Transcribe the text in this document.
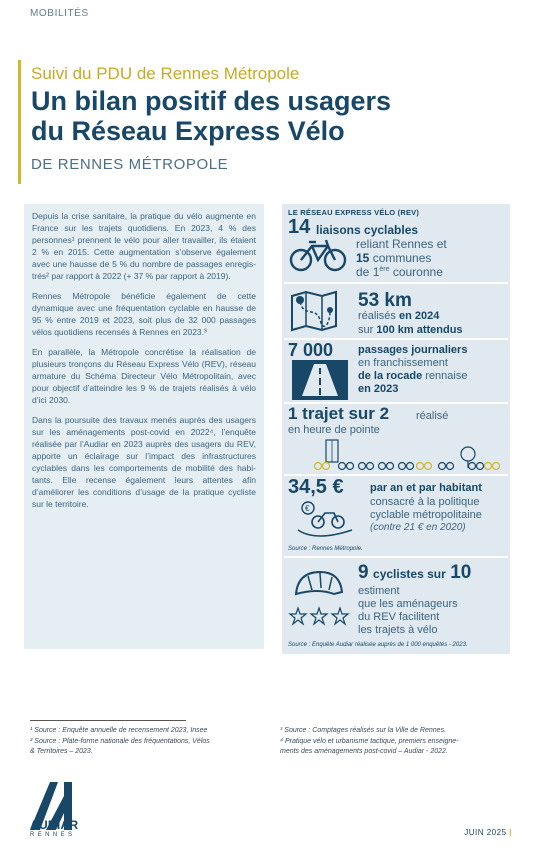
MOBILITÉS
Suivi du PDU de Rennes Métropole
Un bilan positif des usagers
du Réseau Express Vélo
DE RENNES MÉTROPOLE

Depuis la crise sanitaire, la pratique du vélo augmente en France sur les trajets quotidiens. En 2023, 4 % des personnes¹ prennent le vélo pour aller travailler, ils étaient 2 % en 2015. Cette augmentation s’observe également avec une hausse de 5 % du nombre de passages enregistrés² par rapport à 2022 (+ 37 % par rapport à 2019).

Rennes Métropole bénéficie également de cette dynamique avec une fréquentation cyclable en hausse de 95 % entre 2019 et 2023, soit plus de 32 000 passages vélos quotidiens recensés à Rennes en 2023.³

En parallèle, la Métropole concrétise la réalisation de plusieurs tronçons du Réseau Express Vélo (REV), réseau armature du Schéma Directeur Vélo Métropolitain, avec pour objectif d’atteindre les 9 % de trajets réalisés à vélo d’ici 2030.

Dans la poursuite des travaux menés auprès des usagers sur les aménagements post-covid en 2022⁴, l’enquête réalisée par l’Audiar en 2023 auprès des usagers du REV, apporte un éclairage sur l’impact des infrastructures cyclables dans les comportements de mobilité des habitants. Elle recense également leurs attentes afin d’améliorer les conditions d’usage de la pratique cycliste sur le territoire.

LE RÉSEAU EXPRESS VÉLO (REV)
14 liaisons cyclables
reliant Rennes et
15 communes
de 1ère couronne
53 km
réalisés en 2024
sur 100 km attendus
7 000 passages journaliers
en franchissement
de la rocade rennaise
en 2023
1 trajet sur 2 réalisé
en heure de pointe
34,5 € par an et par habitant
consacré à la politique
cyclable métropolitaine
(contre 21 € en 2020)
€
Source : Rennes Métropole.
9 cyclistes sur 10
estiment
que les aménageurs
du REV facilitent
les trajets à vélo
Source : Enquête Audiar réalisée auprès de 1 000 enquêtés - 2023.
¹ Source : Enquête annuelle de recensement 2023, Insee
² Source : Plate-forme nationale des fréquentations, Vélos
& Territoires – 2023.
³ Source : Comptages réalisés sur la Ville de Rennes.
⁴ Pratique vélo et urbanisme tactique, premiers enseigne-
ments des aménagements post-covid – Audiar - 2022.
AUDIAR
RENNES	JUIN 2025 |
